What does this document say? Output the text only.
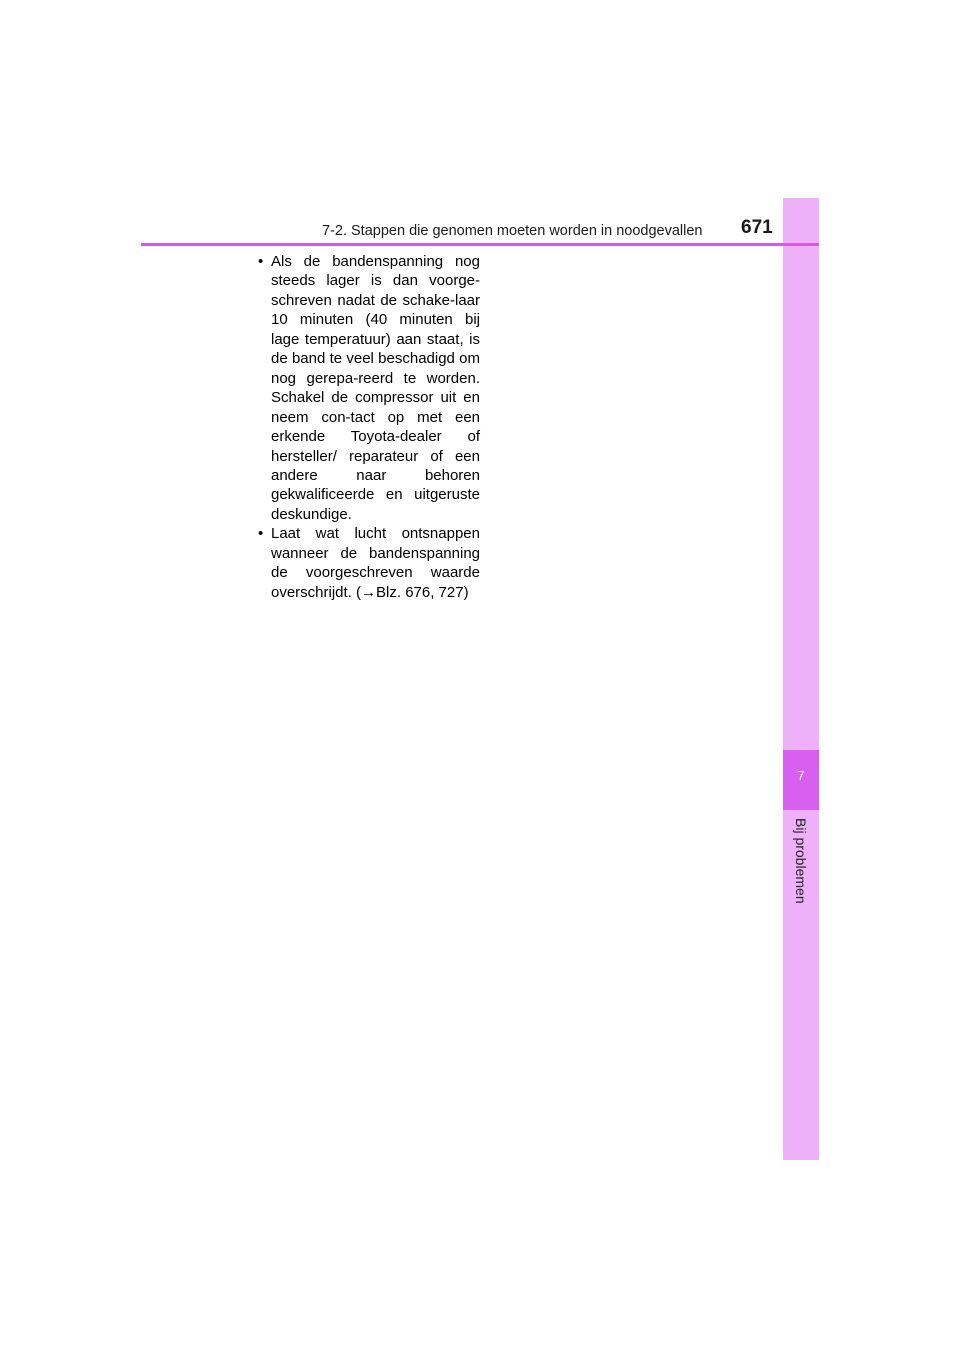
7
Bij problemen
7-2. Stappen die genomen moeten worden in noodgevallen 671
• Als de bandenspanning nog steeds lager is dan voorge-schreven nadat de schake-laar 10 minuten (40 minuten bij lage temperatuur) aan staat, is de band te veel beschadigd om nog gerepa-reerd te worden. Schakel de compressor uit en neem con-tact op met een erkende Toyota-dealer of hersteller/ reparateur of een andere naar behoren gekwalificeerde en uitgeruste deskundige.
• Laat wat lucht ontsnappen wanneer de bandenspanning de voorgeschreven waarde overschrijdt. (→Blz. 676, 727)
